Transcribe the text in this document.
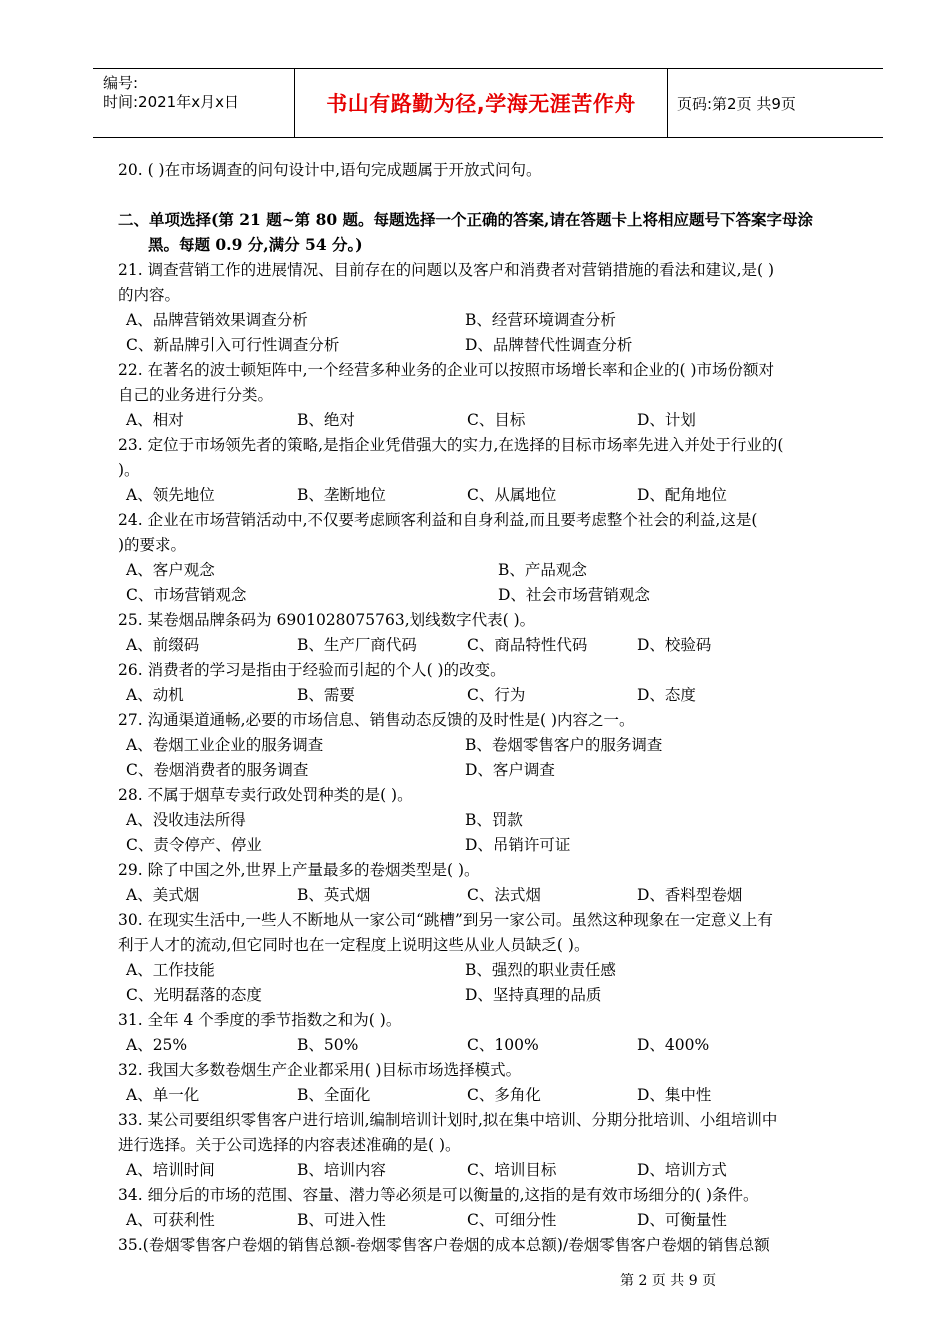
编号:
时间:2021年x月x日	书山有路勤为径,学海无涯苦作舟	页码:第2页 共9页
20. ( )在市场调查的问句设计中,语句完成题属于开放式问句。
二、单项选择(第 21 题~第 80 题。每题选择一个正确的答案,请在答题卡上将相应题号下答案字母涂
黑。每题 0.9 分,满分 54 分。)
21. 调查营销工作的进展情况、目前存在的问题以及客户和消费者对营销措施的看法和建议,是( )
的内容。
A、品牌营销效果调查分析	B、经营环境调查分析
C、新品牌引入可行性调查分析	D、品牌替代性调查分析
22. 在著名的波士顿矩阵中,一个经营多种业务的企业可以按照市场增长率和企业的( )市场份额对
自己的业务进行分类。
A、相对	B、绝对	C、目标	D、计划
23. 定位于市场领先者的策略,是指企业凭借强大的实力,在选择的目标市场率先进入并处于行业的(
)。
A、领先地位	B、垄断地位	C、从属地位	D、配角地位
24. 企业在市场营销活动中,不仅要考虑顾客利益和自身利益,而且要考虑整个社会的利益,这是(
)的要求。
A、客户观念	B、产品观念
C、市场营销观念	D、社会市场营销观念
25. 某卷烟品牌条码为 6901028075763,划线数字代表( )。
A、前缀码	B、生产厂商代码	C、商品特性代码	D、校验码
26. 消费者的学习是指由于经验而引起的个人( )的改变。
A、动机	B、需要	C、行为	D、态度
27. 沟通渠道通畅,必要的市场信息、销售动态反馈的及时性是( )内容之一。
A、卷烟工业企业的服务调查	B、卷烟零售客户的服务调查
C、卷烟消费者的服务调查	D、客户调查
28. 不属于烟草专卖行政处罚种类的是( )。
A、没收违法所得	B、罚款
C、责令停产、停业	D、吊销许可证
29. 除了中国之外,世界上产量最多的卷烟类型是( )。
A、美式烟	B、英式烟	C、法式烟	D、香料型卷烟
30. 在现实生活中,一些人不断地从一家公司“跳槽”到另一家公司。虽然这种现象在一定意义上有
利于人才的流动,但它同时也在一定程度上说明这些从业人员缺乏( )。
A、工作技能	B、强烈的职业责任感
C、光明磊落的态度	D、坚持真理的品质
31. 全年 4 个季度的季节指数之和为( )。
A、25%	B、50%	C、100%	D、400%
32. 我国大多数卷烟生产企业都采用( )目标市场选择模式。
A、单一化	B、全面化	C、多角化	D、集中性
33. 某公司要组织零售客户进行培训,编制培训计划时,拟在集中培训、分期分批培训、小组培训中
进行选择。关于公司选择的内容表述准确的是( )。
A、培训时间	B、培训内容	C、培训目标	D、培训方式
34. 细分后的市场的范围、容量、潜力等必须是可以衡量的,这指的是有效市场细分的( )条件。
A、可获利性	B、可进入性	C、可细分性	D、可衡量性
35.(卷烟零售客户卷烟的销售总额-卷烟零售客户卷烟的成本总额)/卷烟零售客户卷烟的销售总额
第 2 页 共 9 页
